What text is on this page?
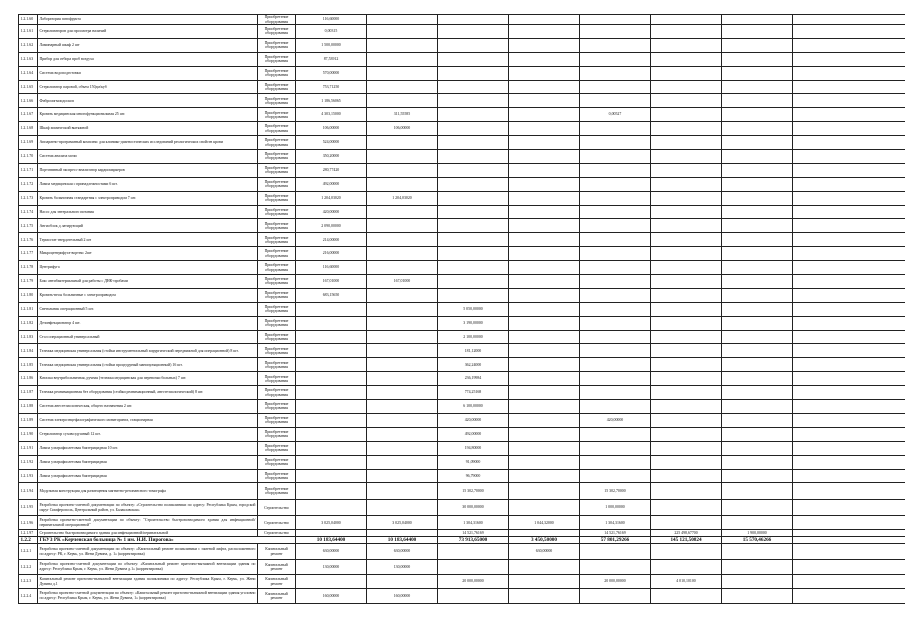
1.2.1.60	Лаборатория патофрукта	Приобретение оборудования	116,60000							
1.2.1.61	Стерилизаторов для просмотра наличий	Приобретение оборудования	0,00315							
1.2.1.62	Ламинарный шкаф 2 шт	Приобретение оборудования	1 500,00000							
1.2.1.63	Прибор для отбора проб воздуха	Приобретение оборудования	87,53912							
1.2.1.64	Система водоподготовки	Приобретение оборудования	570,00000							
1.2.1.65	Стерилизатор паровой, объем 150дм/куб	Приобретение оборудования	753,71250							
1.2.1.66	Фибросигмоидоскоп	Приобретение оборудования	1 186,56065							
1.2.1.67	Кровать медицинская многофункциональная 25 шт.	Приобретение оборудования	4 303,15000	311,55585			0,00527			
1.2.1.68	Шкаф химический вытяжной	Приобретение оборудования	106,00000	106,00000						
1.2.1.69	Аппаратно-программный комплекс для клинико-диагностических исследований реологических свойств крови	Приобретение оборудования	524,00000							
1.2.1.70	Система анализа мочи	Приобретение оборудования	350,20000							
1.2.1.71	Портативный экспресс-анализатор кардиомаркеров	Приобретение оборудования	280,77420							
1.2.1.72	Лампа медицинская с принадлежностями 6 шт.	Приобретение оборудования	492,00000							
1.2.1.73	Кровать больничная стандартная с электроприводом 7 шт.	Приобретение оборудования	1 204,03020	1 204,03020						
1.2.1.74	Насос для энтерального питания	Приобретение оборудования	420,00000							
1.2.1.75	Ангиоблок д латирующий	Приобретение оборудования	2 090,00000							
1.2.1.76	Термостат твердотельный 2 шт	Приобретение оборудования	214,00000							
1.2.1.77	Микроцентрифуга-вортекс 2шт	Приобретение оборудования	216,00000							
1.2.1.78	Центрифуга	Приобретение оборудования	116,60000							
1.2.1.79	Бокс антибактериальный для работы с ДНК-пробами	Приобретение оборудования	167,01000	167,01000						
1.2.1.80	Кровать-весы больничные с электроприводом	Приобретение оборудования	683,15650							
1.2.1.81	Светильник операционный 5 шт.	Приобретение оборудования			5 050,00000					
1.2.1.82	Дезинфекционатор 4 шт.	Приобретение оборудования			3 190,00000					
1.2.1.83	Стол операционный универсальный	Приобретение оборудования			2 100,00000					
1.2.1.84	Тележка медицинская универсальная (стойки инструментальный хирургический передвижной для операционной) 8 шт.	Приобретение оборудования			181,12000					
1.2.1.85	Тележка медицинская универсальная (стойки процедурный манипуляционный) 16 шт.	Приобретение оборудования			362,24000					
1.2.1.86	Каталка внутрибольничная, ручная (тележка медицинская для перевозки больных) 7 шт.	Приобретение оборудования			236,19984					
1.2.1.87	Тележка реанимационная без оборудования (стойки реанимационный, анестезиологический) 8 шт.	Приобретение оборудования			774,25168					
1.2.1.88	Система анестезиологическая, общего назначения 2 шт.	Приобретение оборудования			6 100,00000					
1.2.1.89	Система электроэнцефалографического мониторинга, стационарная	Приобретение оборудования			420,00000		420,00000			
1.2.1.90	Стерилизатор суховоздушный 12 шт.	Приобретение оборудования			492,00000					
1.2.1.91	Лампа ультрафиолетовая бактерицидная 10 шт.	Приобретение оборудования			194,80000					
1.2.1.92	Лампа ультрафиолетовая бактерицидная	Приобретение оборудования			91,09000					
1.2.1.93	Лампа ультрафиолетовая бактерицидная	Приобретение оборудования			96,79000					
1.2.1.94	Модульная конструкция для размещения магнитно-резонансного томографа	Приобретение оборудования			15 302,70000		15 302,70000			
1.2.1.95	Разработка проектно-сметной документации по объекту: «Строительство поликлиники по адресу: Республика Крым, городской округ Симферополь, Центральный район, ул. Балаклавская»	Строительство			30 000,00000		1 000,00000			
1.2.1.96	Разработка проектно-сметной документации по объекту: "Строительство быстровозводимого здания для инфекционной/перинатальной операционной"	Строительство	3 025,04000	3 025,04000	1 304,31600	1 044,32000	1 304,31600			
1.2.1.97	Строительство быстровозводимого здания для инфекционной/перинатальной	Строительство			14 521,76169		14 521,76169	225 498,67700	1 900,00000	
1.2.2	ГБУЗ РК «Керченская больница № 1 им. Н.И. Пирогова»		10 183,64400	10 183,64400	73 913,65000	3 450,50000	57 801,29266	145 121,50824	15 570,46266	
1.2.2.1	Разработка проектно-сметной документации по объекту: «Капитальный ремонт поликлиники с заменой лифта, расположенного по адресу: РК, г. Керчь, ул. Жени Дувина, д. 1» (корректировка)	Капитальный ремонт	630,00000	630,00000		630,00000				
1.2.2.2	Разработка проектно-сметной документации по объекту: «Капитальный ремонт приточно-вытяжной вентиляции здания по адресу: Республика Крым, г. Керчь, ул. Жени Дувина д.1» (корректировка)	Капитальный ремонт	130,00000	130,00000						
1.2.2.3	Капитальный ремонт приточно-вытяжной вентиляции здания поликлиники по адресу: Республика Крым, г. Керчь, ул. Жени Дувина д.1	Капитальный ремонт			20 000,00000		20 000,00000	4 010,10100		
1.2.2.4	Разработка проектно-сметной документации по объекту: «Капитальный ремонт приточно-вытяжной вентиляции здания уголовно по адресу: Республика Крым, г. Керчь, ул. Жени Дувина, 1» (корректировка)	Капитальный ремонт	160,00000	160,00000						
